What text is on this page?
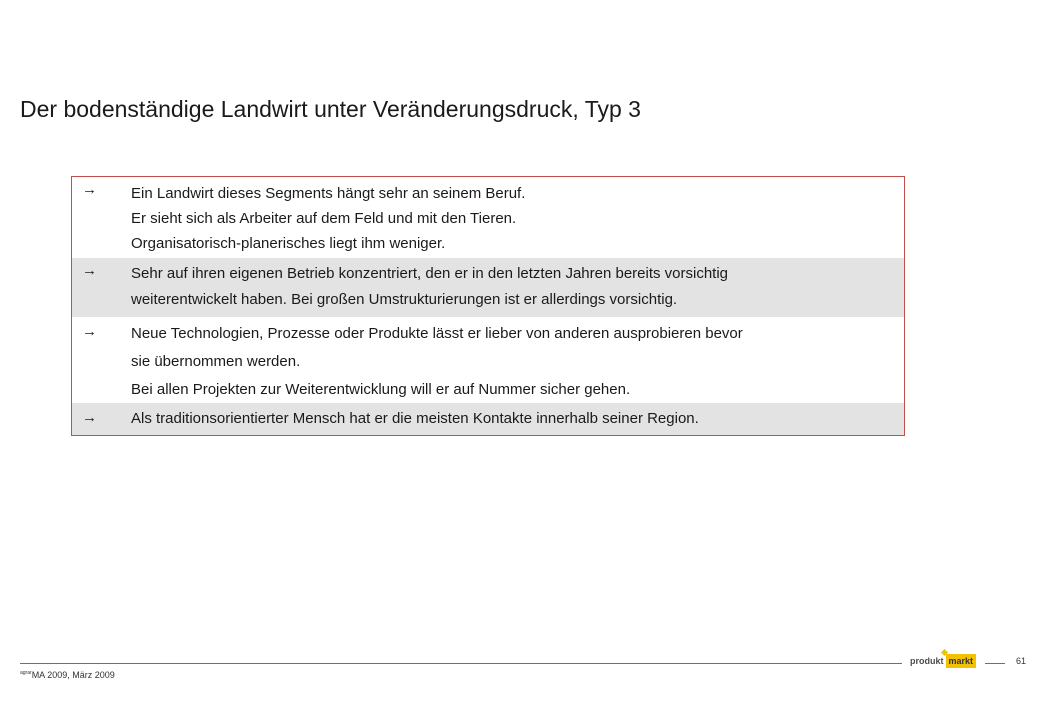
Der bodenständige Landwirt unter Veränderungsdruck, Typ 3
→ Ein Landwirt dieses Segments hängt sehr an seinem Beruf.
Er sieht sich als Arbeiter auf dem Feld und mit den Tieren.
Organisatorisch-planerisches liegt ihm weniger.
→ Sehr auf ihren eigenen Betrieb konzentriert, den er in den letzten Jahren bereits vorsichtig
weiterentwickelt haben. Bei großen Umstrukturierungen ist er allerdings vorsichtig.
→ Neue Technologien, Prozesse oder Produkte lässt er lieber von anderen ausprobieren bevor
sie übernommen werden.
Bei allen Projekten zur Weiterentwicklung will er auf Nummer sicher gehen.
→ Als traditionsorientierter Mensch hat er die meisten Kontakte innerhalb seiner Region.
produkt markt	61
$^{agrar}$MA 2009, März 2009
